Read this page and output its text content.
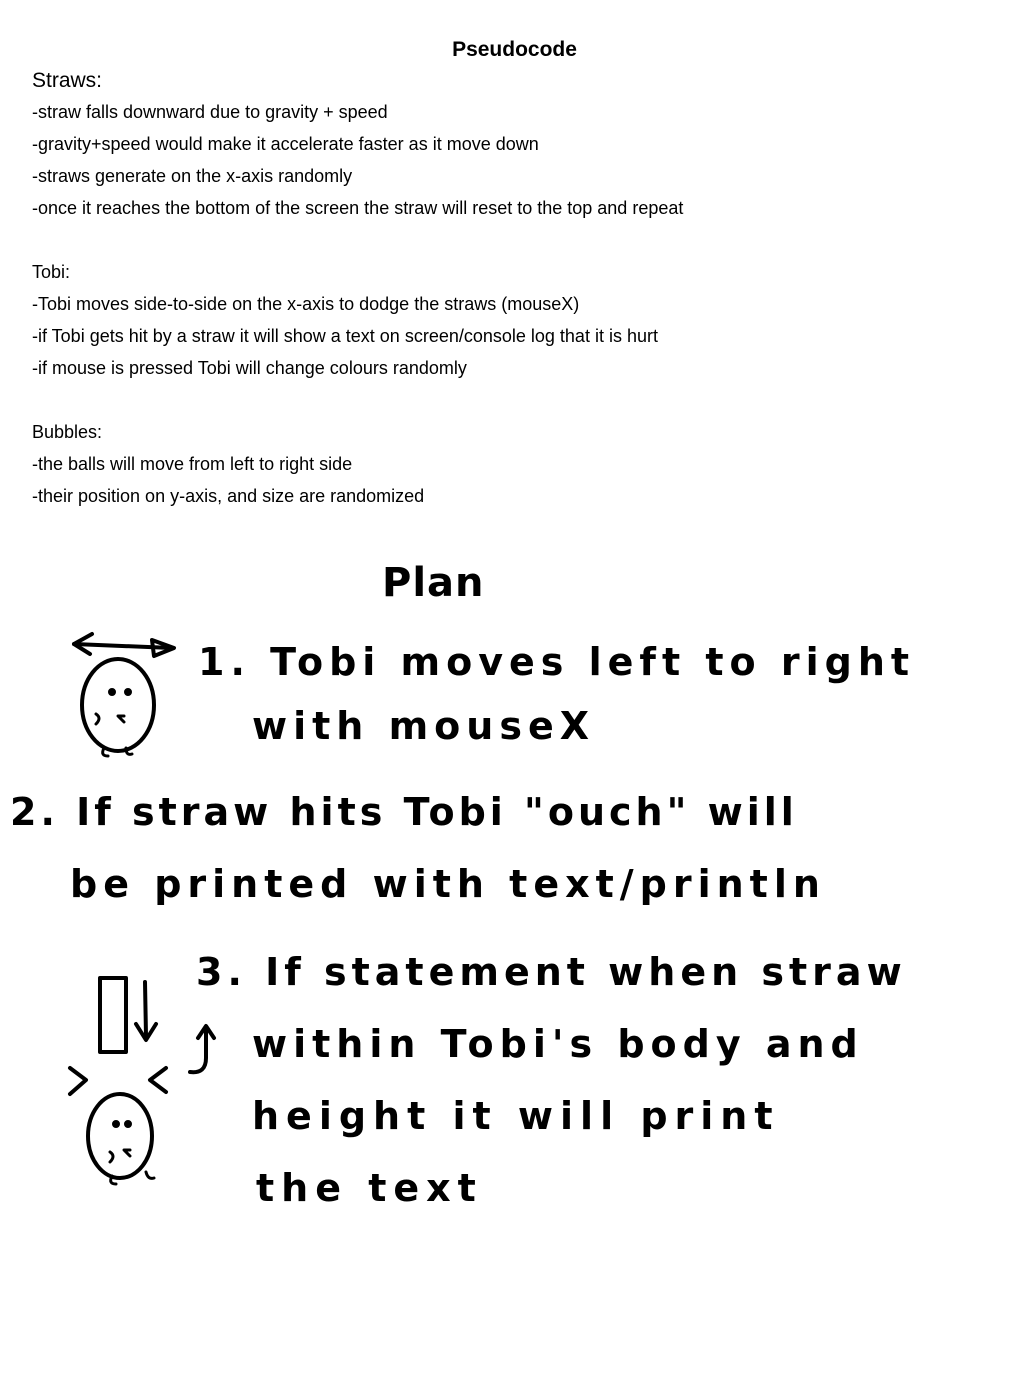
Pseudocode
Straws:
-straw falls downward due to gravity + speed
-gravity+speed would make it accelerate faster as it move down
-straws generate on the x-axis randomly
-once it reaches the bottom of the screen the straw will reset to the top and repeat
Tobi:
-Tobi moves side-to-side on the x-axis to dodge the straws (mouseX)
-if Tobi gets hit by a straw it will show a text on screen/console log that it is hurt
-if mouse is pressed Tobi will change colours randomly
Bubbles:
-the balls will move from left to right side
-their position on y-axis, and size are randomized
Plan
1. Tobi moves left to right
with mouseX
2. If straw hits Tobi "ouch" will
be printed with text/println
3. If statement when straw
within Tobi's body and
height it will print
the text
